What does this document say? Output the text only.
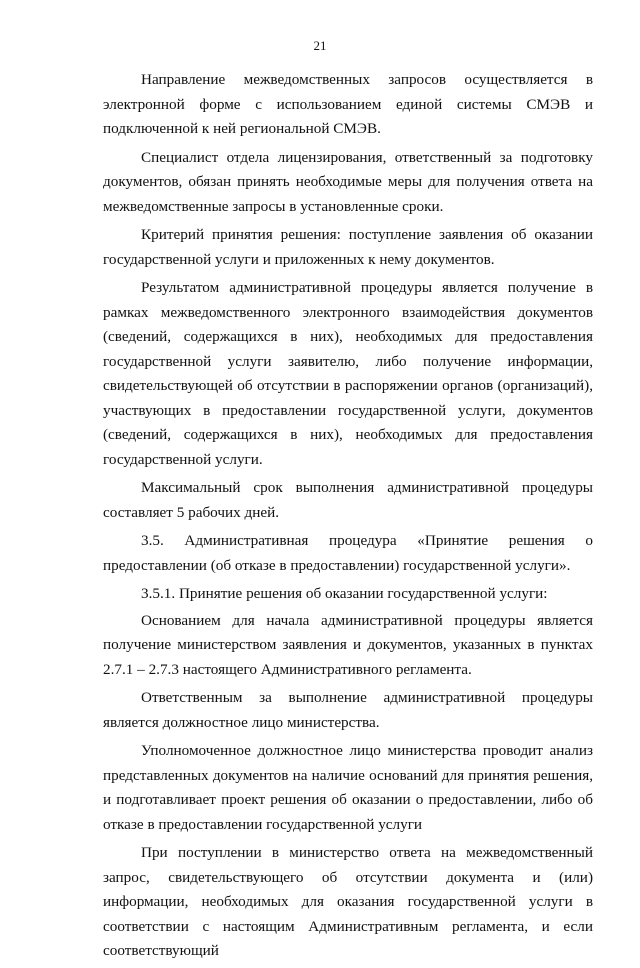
21

Направление межведомственных запросов осуществляется в электронной форме с использованием единой системы СМЭВ и подключенной к ней региональной СМЭВ.

Специалист отдела лицензирования, ответственный за подготовку документов, обязан принять необходимые меры для получения ответа на межведомственные запросы в установленные сроки.

Критерий принятия решения: поступление заявления об оказании государственной услуги и приложенных к нему документов.

Результатом административной процедуры является получение в рамках межведомственного электронного взаимодействия документов (сведений, содержащихся в них), необходимых для предоставления государственной услуги заявителю, либо получение информации, свидетельствующей об отсутствии в распоряжении органов (организаций), участвующих в предоставлении государственной услуги, документов (сведений, содержащихся в них), необходимых для предоставления государственной услуги.

Максимальный срок выполнения административной процедуры составляет 5 рабочих дней.

3.5. Административная процедура «Принятие решения о предоставлении (об отказе в предоставлении) государственной услуги».

3.5.1. Принятие решения об оказании государственной услуги:

Основанием для начала административной процедуры является получение министерством заявления и документов, указанных в пунктах 2.7.1 – 2.7.3 настоящего Административного регламента.

Ответственным за выполнение административной процедуры является должностное лицо министерства.

Уполномоченное должностное лицо министерства проводит анализ представленных документов на наличие оснований для принятия решения, и подготавливает проект решения об оказании о предоставлении, либо об отказе в предоставлении государственной услуги

При поступлении в министерство ответа на межведомственный запрос, свидетельствующего об отсутствии документа и (или) информации, необходимых для оказания государственной услуги в соответствии с настоящим Административным регламента, и если соответствующий
